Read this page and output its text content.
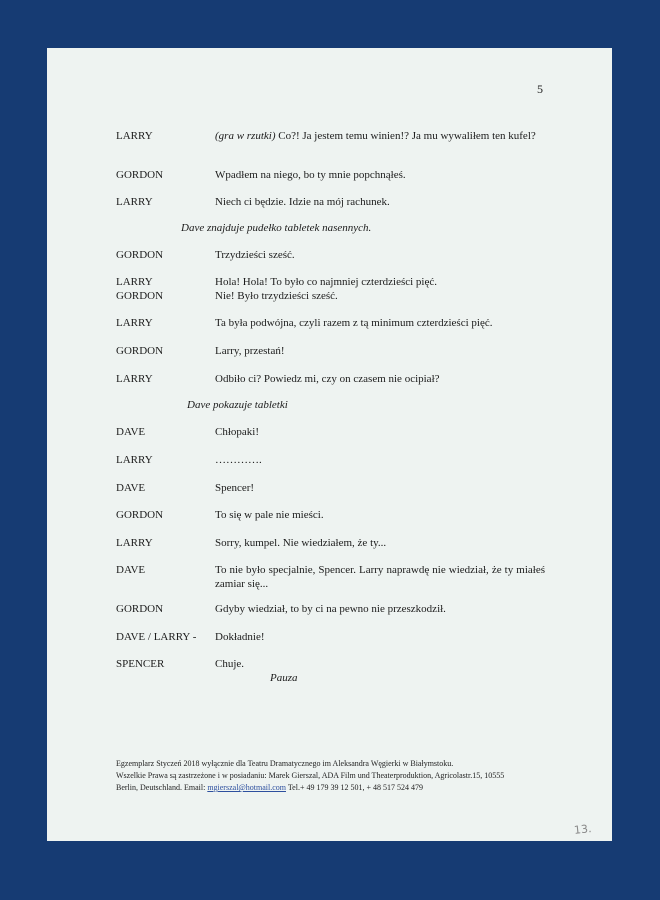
5
LARRY	(gra w rzutki) Co?! Ja jestem temu winien!? Ja mu wywaliłem ten kufel?
GORDON	Wpadłem na niego, bo ty mnie popchnąłeś.
LARRY	Niech ci będzie. Idzie na mój rachunek.
Dave znajduje pudełko tabletek nasennych.
GORDON	Trzydzieści sześć.
LARRY	Hola! Hola! To było co najmniej czterdzieści pięć.
GORDON	Nie! Było trzydzieści sześć.
LARRY	Ta była podwójna, czyli razem z tą minimum czterdzieści pięć.
GORDON	Larry, przestań!
LARRY	Odbiło ci? Powiedz mi, czy on czasem nie ocipiał?
Dave pokazuje tabletki
DAVE	Chłopaki!
LARRY	………….
DAVE	Spencer!
GORDON	To się w pale nie mieści.
LARRY	Sorry, kumpel. Nie wiedziałem, że ty...
DAVE	To nie było specjalnie, Spencer. Larry naprawdę nie wiedział, że ty miałeś zamiar się...
GORDON	Gdyby wiedział, to by ci na pewno nie przeszkodził.
DAVE / LARRY - Dokładnie!
SPENCER	Chuje.
Pauza
Egzemplarz Styczeń 2018 wyłącznie dla Teatru Dramatycznego im Aleksandra Węgierki w Białymstoku.
Wszelkie Prawa są zastrzeżone i w posiadaniu: Marek Gierszal, ADA Film und Theaterproduktion, Agricolastr.15, 10555
Berlin, Deutschland. Email: mgierszal@hotmail.com Tel.+ 49 179 39 12 501, + 48 517 524 479
13.
